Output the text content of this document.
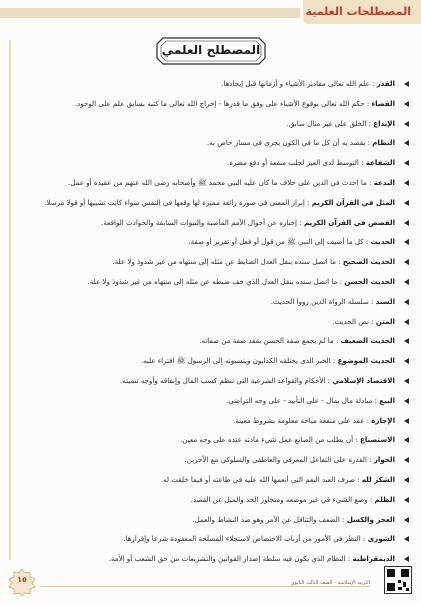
المصطلحات العلمية
المصطلح العلمي
القدر : علم الله تعالى مقادير الأشياء و أزمانها قبل إيجادها.
القضاء : حكم الله تعالى بوقوع الأشياء على وفق ما قدرها - إخراج الله تعالى ما كتبه بسابق علم على الوجود.
الإبداع : الخلق على غير مثال سابق.
النظام : يقصد به أن كل ما في الكون يجري في مسار خاص به.
الشفاعة : التوسط لدى الغير لجلب منفعة أو دفع مضرة.
البدعة : ما احدث في الدين على خلاف ما كان عليه النبي محمد ﷺ وأصحابه رضي الله عنهم من عقيدة أو عمل.
المثل في القرآن الكريم : إبراز المعنى في صورة رائعة مميزة لها وقعها في النفس سواء كانت تشبيها أو قولا مرسلا.
القصص في القرآن الكريم : إخباره عن أحوال الأمم الماضية والنبوات السابقة والحوادث الواقعة.
الحديث : كل ما أضيف إلى النبي ﷺ من قول أو فعل أو تقرير أو صفة.
الحديث الصحيح : ما اتصل سنده بنقل العدل الضابط عن مثله إلى منتهاه من غير شذوذ ولا علة.
الحديث الحسن : ما اتصل سنده بنقل العدل الذي خف ضبطه عن مثله إلى منتهاه من غير شذوذ ولا علة.
السند : سلسلة الرواة الذين رووا الحديث.
المتن : نص الحديث.
الحديث الضعيف : ما لم يجمع صفة الحسن بفقد صفة من صفاته.
الحديث الموضوع : الخبر الذي يختلقه الكذابون وينسبونه إلى الرسول ﷺ افتراء عليه.
الاقتصاد الإسلامي : الأحكام والقواعد الشرعية التي تنظم كسب المال وإنفاقه وأوجه تنميته.
البيع : مبادلة مال بمال - على التأبيد - على وجه التراضي.
الإجارة : عقد على منفعة مباحة معلومة بشروط معينة.
الاستصناع : أن يطلب من الصانع عمل شيء مادته عنده على وجه معين.
الحوار : القدرة على التفاعل المعرفي والعاطفي والسلوكي مع الآخرين.
الشكر لله : صرف العبد النعم التي أنعمها الله عليه في طاعته أو فيما خلقت له.
الظلم : وضع الشيء في غير موضعه ومتجاوز الحد والميل عن القصد.
العجز والكسل : الضعف والتثاقل عن الأمر وهو ضد النشاط والعمل.
الشورى : النظر في الأمور من أرباب الاختصاص لاستجلاء المصلحة المفقودة شرعا وإقرارها.
الديمقراطية : النظام الذي يكون فيه سلطة إصدار القوانين والتشريعات من حق الشعب أو الأمة.
التربية الإسلامية - الصف الثالث الثانوي
١٥
